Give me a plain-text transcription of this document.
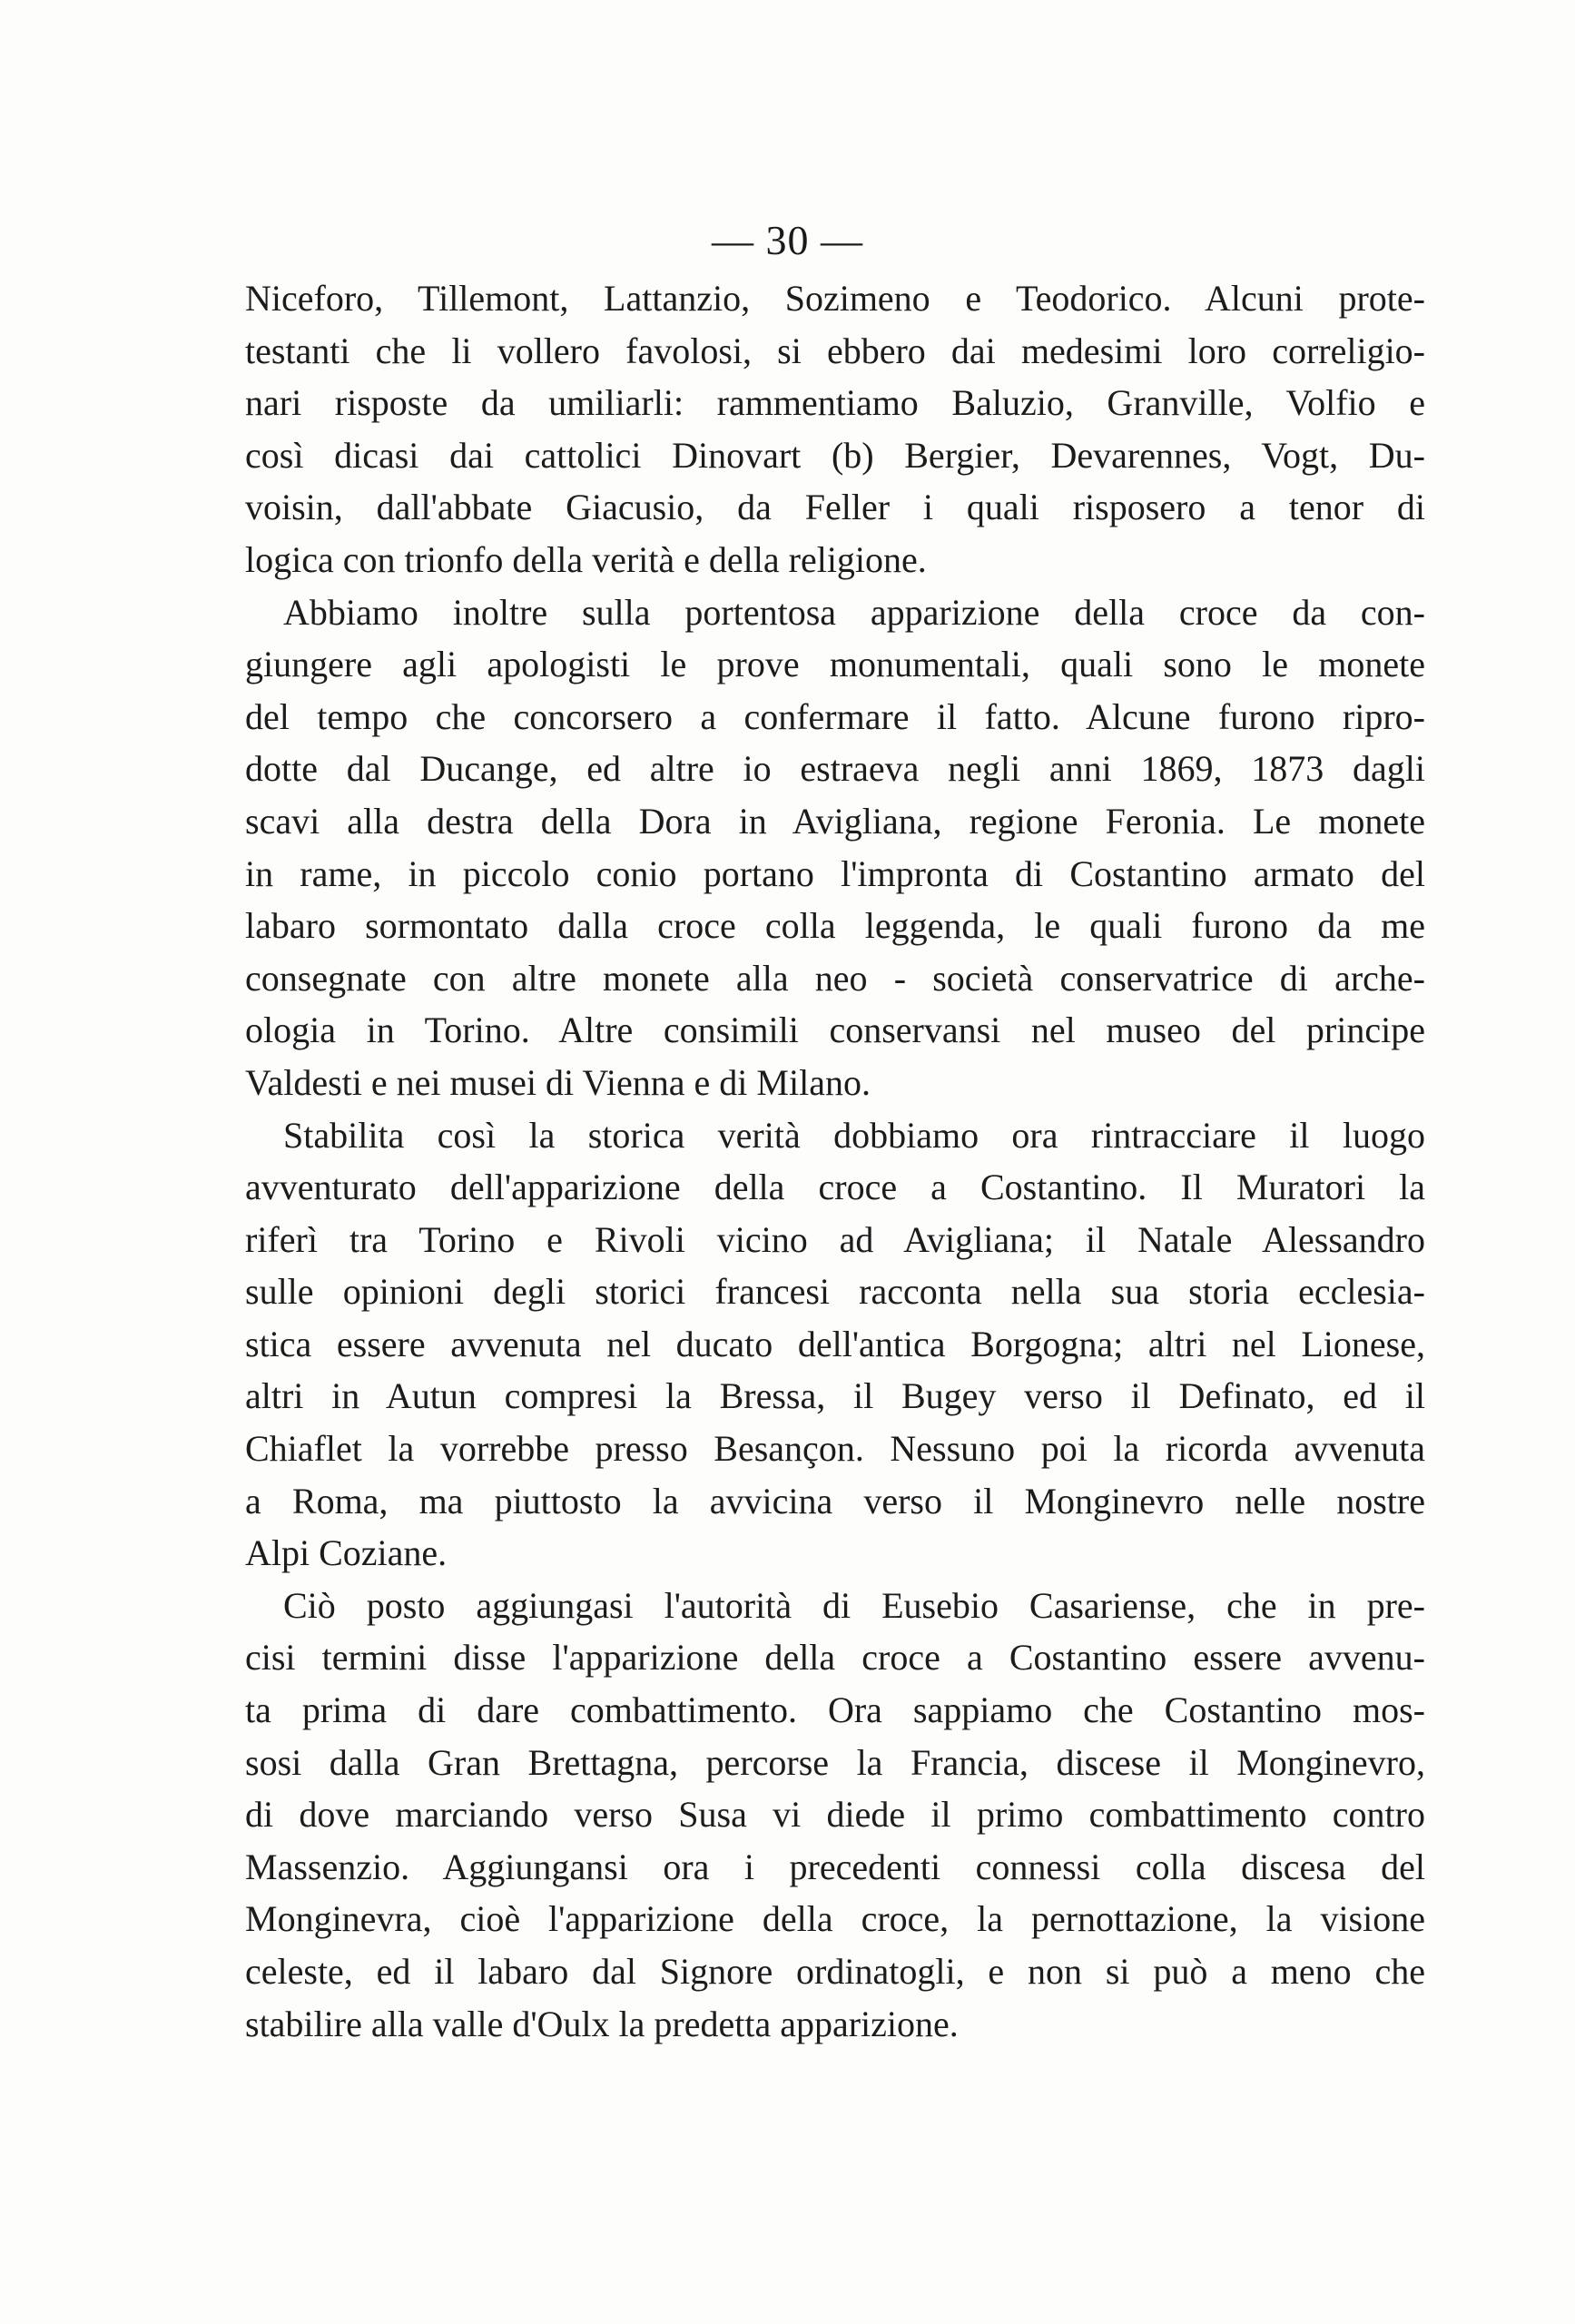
— 30 —
Niceforo, Tillemont, Lattanzio, Sozimeno e Teodorico. Alcuni prote-
testanti che li vollero favolosi, si ebbero dai medesimi loro correligio-
nari risposte da umiliarli: rammentiamo Baluzio, Granville, Volfio e
così dicasi dai cattolici Dinovart (b) Bergier, Devarennes, Vogt, Du-
voisin, dall'abbate Giacusio, da Feller i quali risposero a tenor di
logica con trionfo della verità e della religione.
Abbiamo inoltre sulla portentosa apparizione della croce da con-
giungere agli apologisti le prove monumentali, quali sono le monete
del tempo che concorsero a confermare il fatto. Alcune furono ripro-
dotte dal Ducange, ed altre io estraeva negli anni 1869, 1873 dagli
scavi alla destra della Dora in Avigliana, regione Feronia. Le monete
in rame, in piccolo conio portano l'impronta di Costantino armato del
labaro sormontato dalla croce colla leggenda, le quali furono da me
consegnate con altre monete alla neo - società conservatrice di arche-
ologia in Torino. Altre consimili conservansi nel museo del principe
Valdesti e nei musei di Vienna e di Milano.
Stabilita così la storica verità dobbiamo ora rintracciare il luogo
avventurato dell'apparizione della croce a Costantino. Il Muratori la
riferì tra Torino e Rivoli vicino ad Avigliana; il Natale Alessandro
sulle opinioni degli storici francesi racconta nella sua storia ecclesia-
stica essere avvenuta nel ducato dell'antica Borgogna; altri nel Lionese,
altri in Autun compresi la Bressa, il Bugey verso il Definato, ed il
Chiaflet la vorrebbe presso Besançon. Nessuno poi la ricorda avvenuta
a Roma, ma piuttosto la avvicina verso il Monginevro nelle nostre
Alpi Coziane.
Ciò posto aggiungasi l'autorità di Eusebio Casariense, che in pre-
cisi termini disse l'apparizione della croce a Costantino essere avvenu-
ta prima di dare combattimento. Ora sappiamo che Costantino mos-
sosi dalla Gran Brettagna, percorse la Francia, discese il Monginevro,
di dove marciando verso Susa vi diede il primo combattimento contro
Massenzio. Aggiungansi ora i precedenti connessi colla discesa del
Monginevra, cioè l'apparizione della croce, la pernottazione, la visione
celeste, ed il labaro dal Signore ordinatogli, e non si può a meno che
stabilire alla valle d'Oulx la predetta apparizione.
